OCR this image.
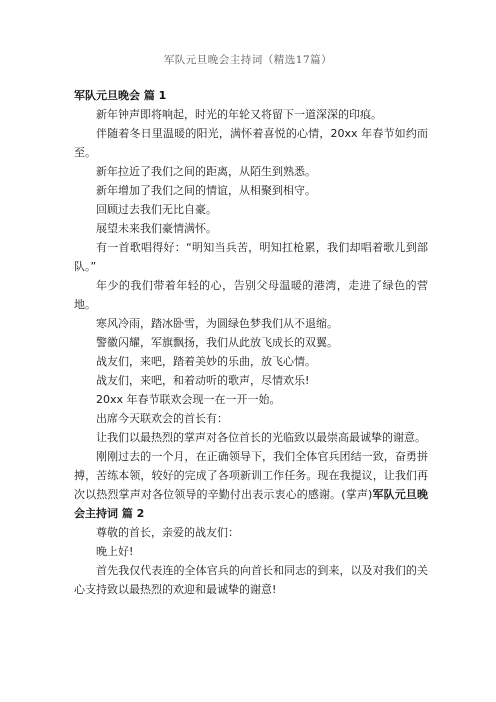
军队元旦晚会主持词（精选17篇）
军队元旦晚会 篇 1

新年钟声即将响起，时光的年轮又将留下一道深深的印痕。

伴随着冬日里温暖的阳光，满怀着喜悦的心情，20xx 年春节如约而至。

新年拉近了我们之间的距离，从陌生到熟悉。

新年增加了我们之间的情谊，从相聚到相守。

回顾过去我们无比自豪。

展望未来我们豪情满怀。

有一首歌唱得好：“明知当兵苦，明知扛枪累，我们却唱着歌儿到部队。”

年少的我们带着年轻的心，告别父母温暖的港湾，走进了绿色的营地。

寒风冷雨，踏冰卧雪，为圆绿色梦我们从不退缩。

警徽闪耀，军旗飘扬，我们从此放飞成长的双翼。

战友们，来吧，踏着美妙的乐曲，放飞心情。

战友们，来吧，和着动听的歌声，尽情欢乐!

20xx 年春节联欢会现一在一开一始。

出席今天联欢会的首长有：

让我们以最热烈的掌声对各位首长的光临致以最崇高最诚挚的谢意。

刚刚过去的一个月，在正确领导下，我们全体官兵团结一致，奋勇拼搏，苦练本领，较好的完成了各项新训工作任务。现在我提议，让我们再次以热烈掌声对各位领导的辛勤付出表示衷心的感谢。(掌声)军队元旦晚会主持词 篇 2

尊敬的首长，亲爱的战友们：

晚上好!

首先我仅代表连的全体官兵的向首长和同志的到来，以及对我们的关心支持致以最热烈的欢迎和最诚挚的谢意!
